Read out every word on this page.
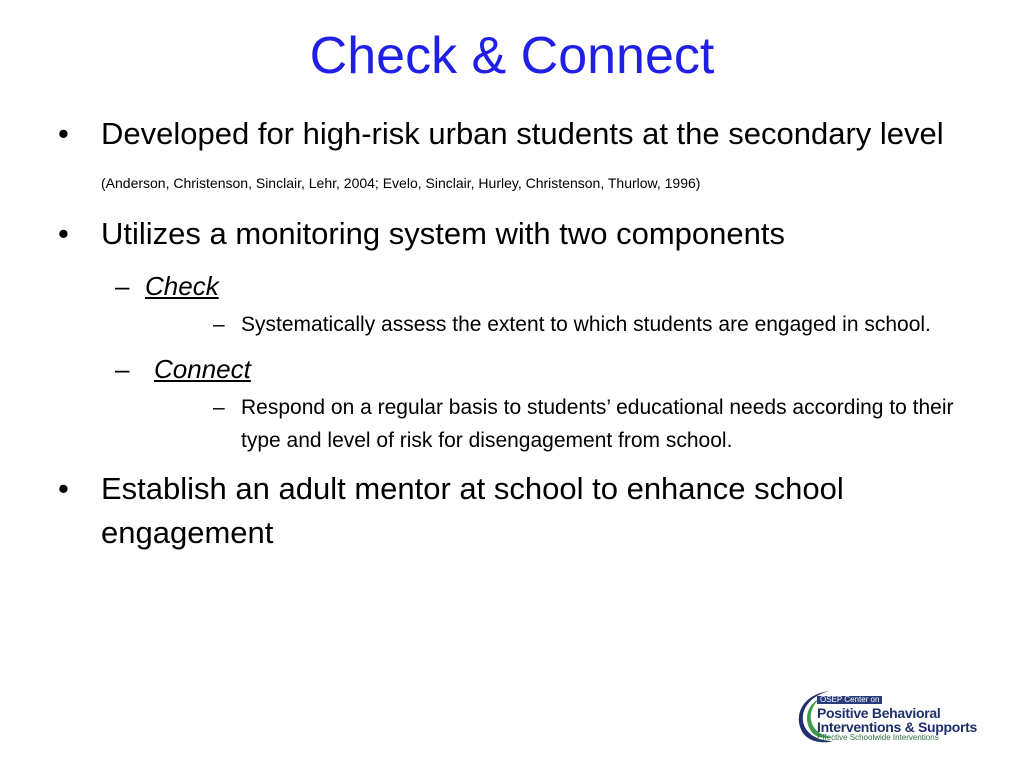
Check & Connect
• Developed for high-risk urban students at the secondary level (Anderson, Christenson, Sinclair, Lehr, 2004; Evelo, Sinclair, Hurley, Christenson, Thurlow, 1996)
• Utilizes a monitoring system with two components
– Check
– Systematically assess the extent to which students are engaged in school.
– Connect
– Respond on a regular basis to students’ educational needs according to their type and level of risk for disengagement from school.
• Establish an adult mentor at school to enhance school engagement
OSEP Center on
Positive Behavioral
Interventions & Supports
Effective Schoolwide Interventions
